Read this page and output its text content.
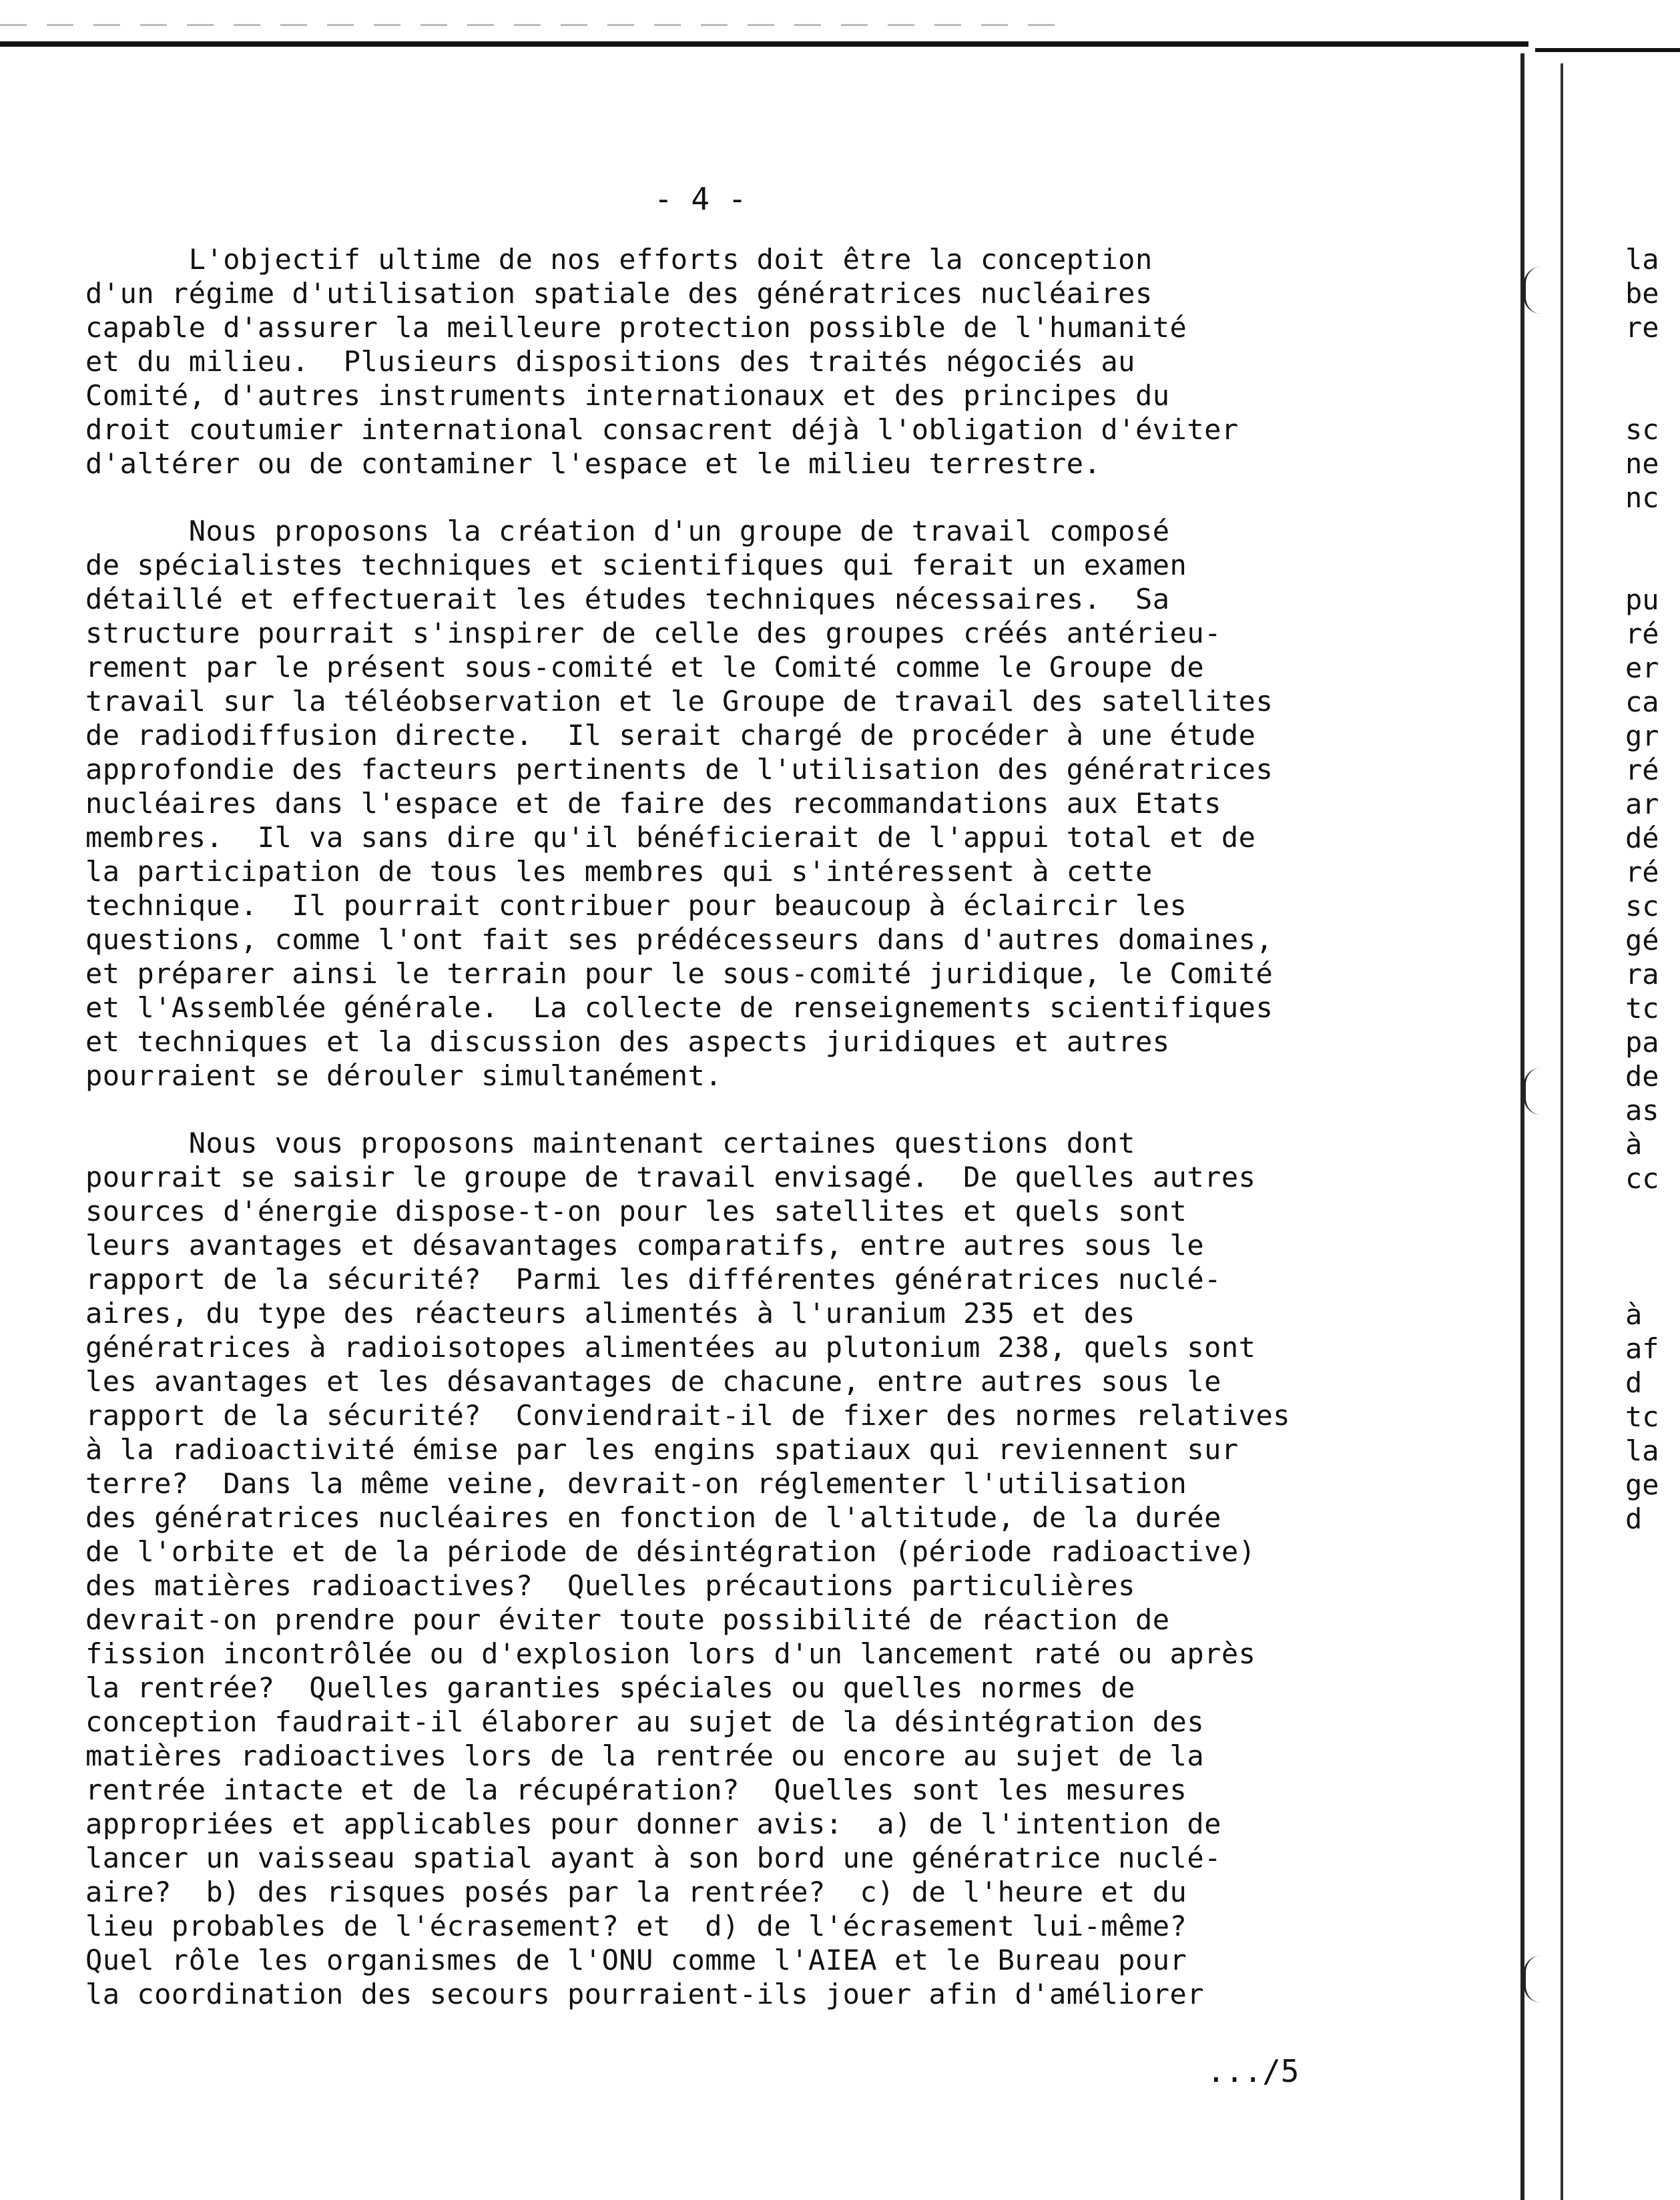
- 4 -
L'objectif ultime de nos efforts doit être la conception
d'un régime d'utilisation spatiale des génératrices nucléaires
capable d'assurer la meilleure protection possible de l'humanité
et du milieu.  Plusieurs dispositions des traités négociés au
Comité, d'autres instruments internationaux et des principes du
droit coutumier international consacrent déjà l'obligation d'éviter
d'altérer ou de contaminer l'espace et le milieu terrestre.
Nous proposons la création d'un groupe de travail composé
de spécialistes techniques et scientifiques qui ferait un examen
détaillé et effectuerait les études techniques nécessaires.  Sa
structure pourrait s'inspirer de celle des groupes créés antérieu-
rement par le présent sous-comité et le Comité comme le Groupe de
travail sur la téléobservation et le Groupe de travail des satellites
de radiodiffusion directe.  Il serait chargé de procéder à une étude
approfondie des facteurs pertinents de l'utilisation des génératrices
nucléaires dans l'espace et de faire des recommandations aux Etats
membres.  Il va sans dire qu'il bénéficierait de l'appui total et de
la participation de tous les membres qui s'intéressent à cette
technique.  Il pourrait contribuer pour beaucoup à éclaircir les
questions, comme l'ont fait ses prédécesseurs dans d'autres domaines,
et préparer ainsi le terrain pour le sous-comité juridique, le Comité
et l'Assemblée générale.  La collecte de renseignements scientifiques
et techniques et la discussion des aspects juridiques et autres
pourraient se dérouler simultanément.
Nous vous proposons maintenant certaines questions dont
pourrait se saisir le groupe de travail envisagé.  De quelles autres
sources d'énergie dispose-t-on pour les satellites et quels sont
leurs avantages et désavantages comparatifs, entre autres sous le
rapport de la sécurité?  Parmi les différentes génératrices nuclé-
aires, du type des réacteurs alimentés à l'uranium 235 et des
génératrices à radioisotopes alimentées au plutonium 238, quels sont
les avantages et les désavantages de chacune, entre autres sous le
rapport de la sécurité?  Conviendrait-il de fixer des normes relatives
à la radioactivité émise par les engins spatiaux qui reviennent sur
terre?  Dans la même veine, devrait-on réglementer l'utilisation
des génératrices nucléaires en fonction de l'altitude, de la durée
de l'orbite et de la période de désintégration (période radioactive)
des matières radioactives?  Quelles précautions particulières
devrait-on prendre pour éviter toute possibilité de réaction de
fission incontrôlée ou d'explosion lors d'un lancement raté ou après
la rentrée?  Quelles garanties spéciales ou quelles normes de
conception faudrait-il élaborer au sujet de la désintégration des
matières radioactives lors de la rentrée ou encore au sujet de la
rentrée intacte et de la récupération?  Quelles sont les mesures
appropriées et applicables pour donner avis:  a) de l'intention de
lancer un vaisseau spatial ayant à son bord une génératrice nuclé-
aire?  b) des risques posés par la rentrée?  c) de l'heure et du
lieu probables de l'écrasement? et  d) de l'écrasement lui-même?
Quel rôle les organismes de l'ONU comme l'AIEA et le Bureau pour
la coordination des secours pourraient-ils jouer afin d'améliorer
.../5
la
be
re
sc
ne
nc
pu
ré
er
ca
gr
ré
ar
dé
ré
sc
gé
ra
tc
pa
de
as
à
cc
à
af
d
tc
la
ge
d
